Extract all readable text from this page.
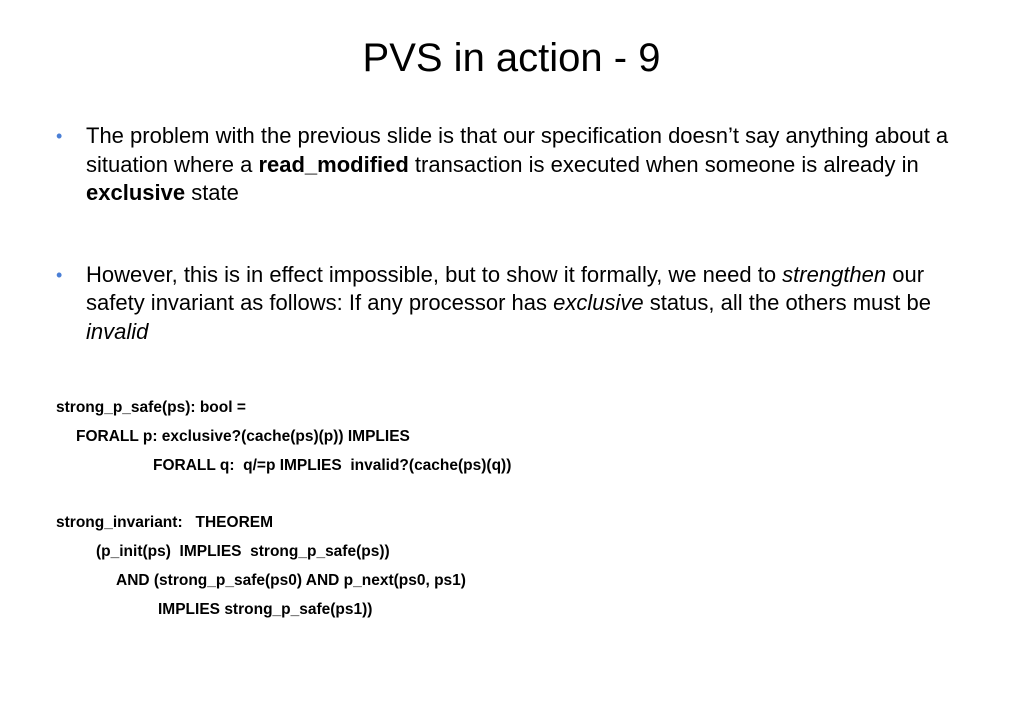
PVS in action - 9
• The problem with the previous slide is that our specification doesn’t say anything about a situation where a read_modified transaction is executed when someone is already in exclusive state
• However, this is in effect impossible, but to show it formally, we need to strengthen our safety invariant as follows: If any processor has exclusive status, all the others must be invalid
strong_p_safe(ps): bool =
FORALL p: exclusive?(cache(ps)(p)) IMPLIES
FORALL q:  q/=p IMPLIES  invalid?(cache(ps)(q))
strong_invariant:   THEOREM
(p_init(ps)  IMPLIES  strong_p_safe(ps))
AND (strong_p_safe(ps0) AND p_next(ps0, ps1)
IMPLIES strong_p_safe(ps1))
